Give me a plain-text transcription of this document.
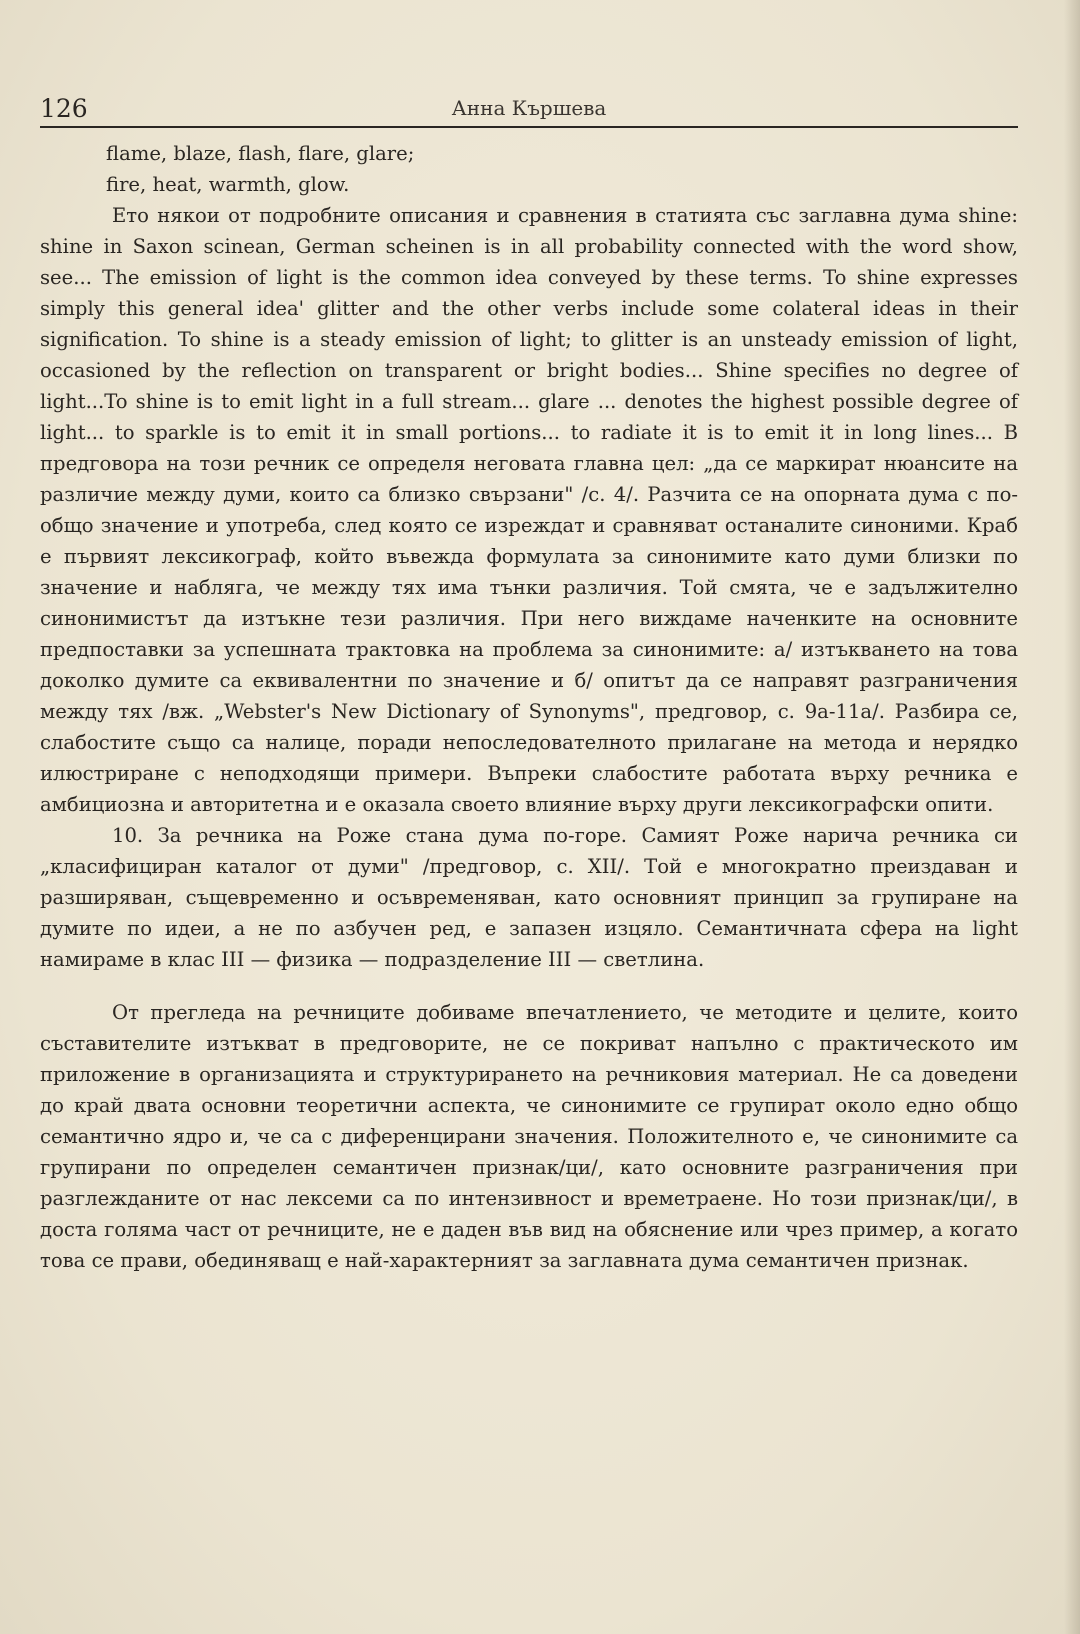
126	Анна Кършева

flame, blaze, flash, flare, glare;

fire, heat, warmth, glow.

Ето някои от подробните описания и сравнения в статията със заглавна дума shine: shine in Saxon scinean, German scheinen is in all probability connected with the word show, see... The emission of light is the common idea conveyed by these terms. To shine expresses simply this general idea' glitter and the other verbs include some colateral ideas in their signification. To shine is a steady emission of light; to glitter is an unsteady emission of light, occasioned by the reflection on transparent or bright bodies... Shine specifies no degree of light...To shine is to emit light in a full stream... glare ... denotes the highest possible degree of light... to sparkle is to emit it in small portions... to radiate it is to emit it in long lines... В предговора на този речник се определя неговата главна цел: „да се маркират нюансите на различие между думи, които са близко свързани" /с. 4/. Разчита се на опорната дума с по-общо значение и употреба, след която се изреждат и сравняват останалите синоними. Краб е първият лексикограф, който въвежда формулата за синонимите като думи близки по значение и набляга, че между тях има тънки различия. Той смята, че е задължително синонимистът да изтъкне тези различия. При него виждаме наченките на основните предпоставки за успешната трактовка на проблема за синонимите: а/ изтъкването на това доколко думите са еквивалентни по значение и б/ опитът да се направят разграничения между тях /вж. „Webster's New Dictionary of Synonyms", предговор, с. 9а-11а/. Разбира се, слабостите също са налице, поради непоследователното прилагане на метода и нерядко илюстриране с неподходящи примери. Въпреки слабостите работата върху речника е амбициозна и авторитетна и е оказала своето влияние върху други лексикографски опити.

10. За речника на Роже стана дума по-горе. Самият Роже нарича речника си „класифициран каталог от думи" /предговор, с. XII/. Той е многократно преиздаван и разширяван, същевременно и осъвременяван, като основният принцип за групиране на думите по идеи, а не по азбучен ред, е запазен изцяло. Семантичната сфера на light намираме в клас III — физика — подразделение III — светлина.

От прегледа на речниците добиваме впечатлението, че методите и целите, които съставителите изтъкват в предговорите, не се покриват напълно с практическото им приложение в организацията и структурирането на речниковия материал. Не са доведени до край двата основни теоретични аспекта, че синонимите се групират около едно общо семантично ядро и, че са с диференцирани значения. Положителното е, че синонимите са групирани по определен семантичен признак/ци/, като основните разграничения при разглежданите от нас лексеми са по интензивност и времетраене. Но този признак/ци/, в доста голяма част от речниците, не е даден във вид на обяснение или чрез пример, а когато това се прави, обединяващ е най-характерният за заглавната дума семантичен признак.
